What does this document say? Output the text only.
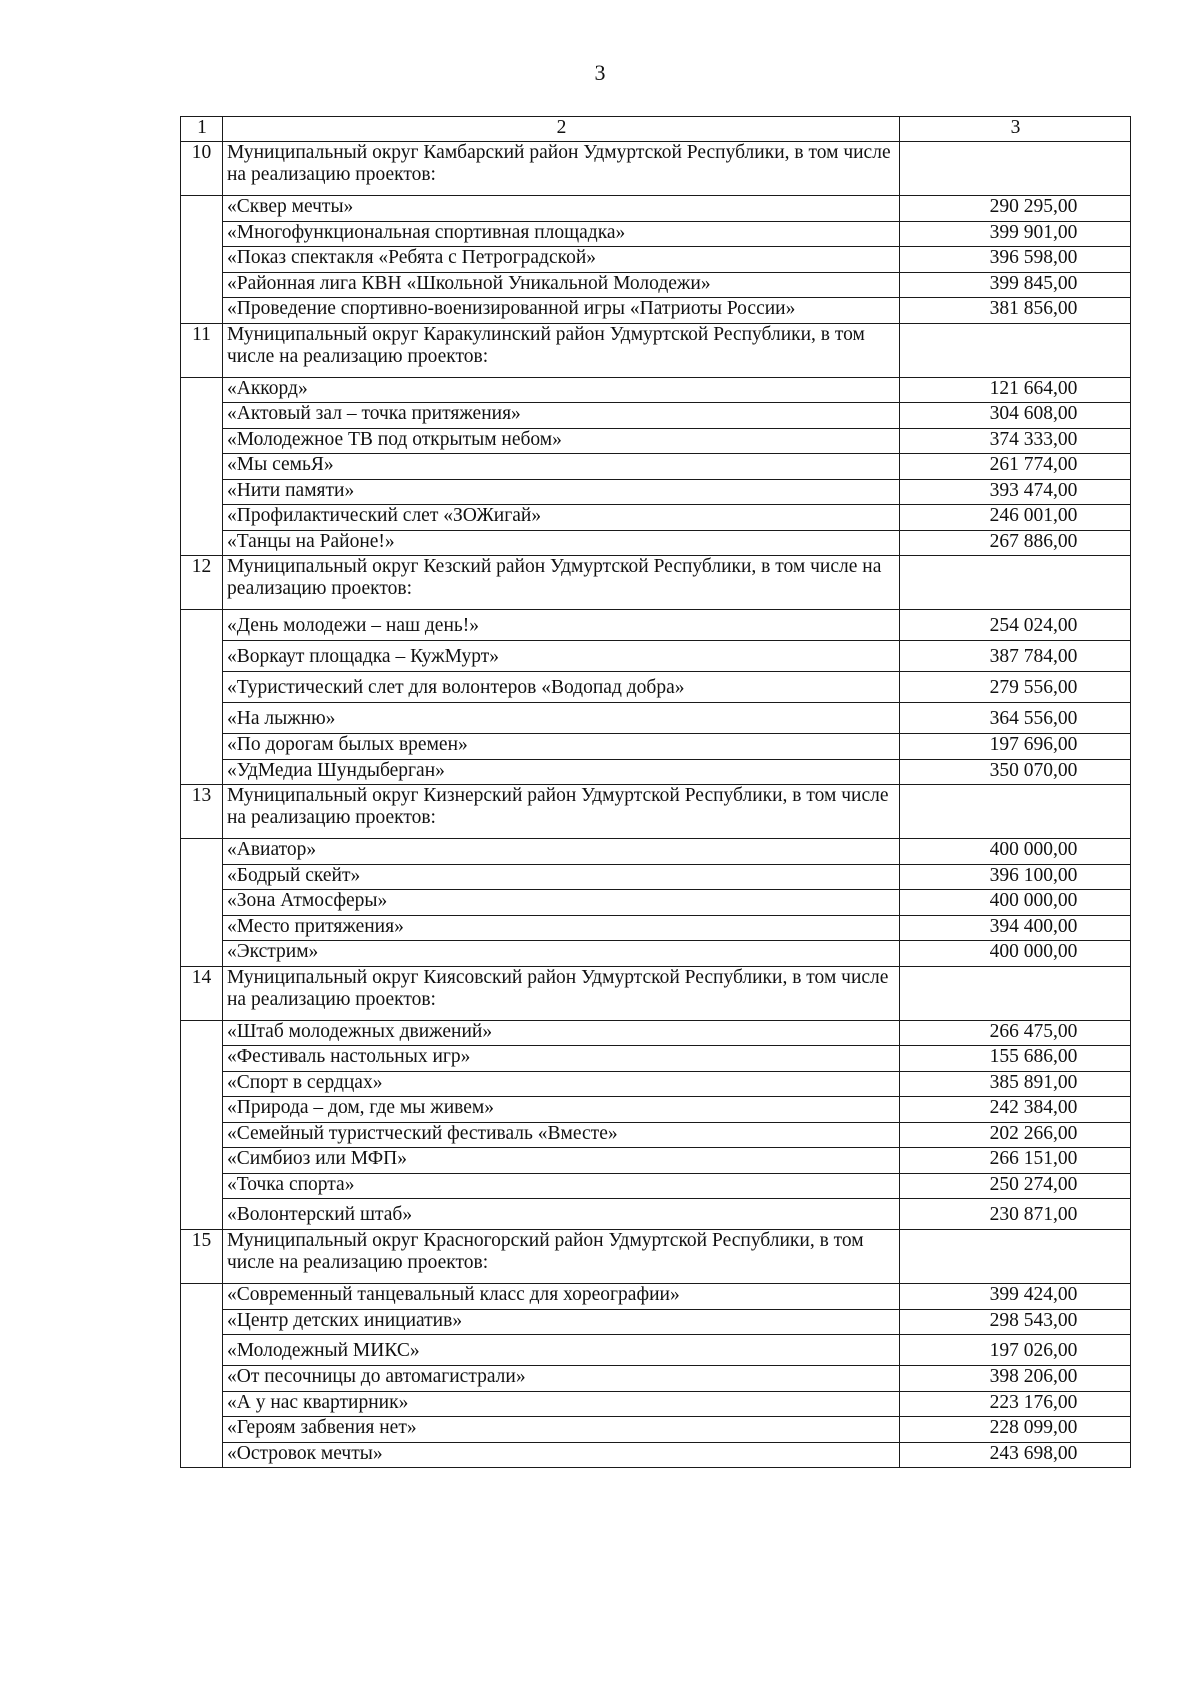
3
1	2	3
10	Муниципальный округ Камбарский район Удмуртской Республики, в том числе на реализацию проектов:	
	«Сквер мечты»	290 295,00
	«Многофункциональная спортивная площадка»	399 901,00
	«Показ спектакля «Ребята с Петроградской»	396 598,00
	«Районная лига КВН «Школьной Уникальной Молодежи»	399 845,00
	«Проведение спортивно-военизированной игры «Патриоты России»	381 856,00
11	Муниципальный округ Каракулинский район Удмуртской Республики, в том числе на реализацию проектов:	
	«Аккорд»	121 664,00
	«Актовый зал – точка притяжения»	304 608,00
	«Молодежное ТВ под открытым небом»	374 333,00
	«Мы семьЯ»	261 774,00
	«Нити памяти»	393 474,00
	«Профилактический слет «ЗОЖигай»	246 001,00
	«Танцы на Районе!»	267 886,00
12	Муниципальный округ Кезский район Удмуртской Республики, в том числе на реализацию проектов:	
	«День молодежи – наш день!»	254 024,00
	«Воркаут площадка – КужМурт»	387 784,00
	«Туристический слет для волонтеров «Водопад добра»	279 556,00
	«На лыжню»	364 556,00
	«По дорогам былых времен»	197 696,00
	«УдМедиа Шундыберган»	350 070,00
13	Муниципальный округ Кизнерский район Удмуртской Республики, в том числе на реализацию проектов:	
	«Авиатор»	400 000,00
	«Бодрый скейт»	396 100,00
	«Зона Атмосферы»	400 000,00
	«Место притяжения»	394 400,00
	«Экстрим»	400 000,00
14	Муниципальный округ Киясовский район Удмуртской Республики, в том числе на реализацию проектов:	
	«Штаб молодежных движений»	266 475,00
	«Фестиваль настольных игр»	155 686,00
	«Спорт в сердцах»	385 891,00
	«Природа – дом, где мы живем»	242 384,00
	«Семейный туристческий фестиваль «Вместе»	202 266,00
	«Симбиоз или МФП»	266 151,00
	«Точка спорта»	250 274,00
	«Волонтерский штаб»	230 871,00
15	Муниципальный округ Красногорский район Удмуртской Республики, в том числе на реализацию проектов:	
	«Современный танцевальный класс для хореографии»	399 424,00
	«Центр детских инициатив»	298 543,00
	«Молодежный МИКС»	197 026,00
	«От песочницы до автомагистрали»	398 206,00
	«А у нас квартирник»	223 176,00
	«Героям забвения нет»	228 099,00
	«Островок мечты»	243 698,00
